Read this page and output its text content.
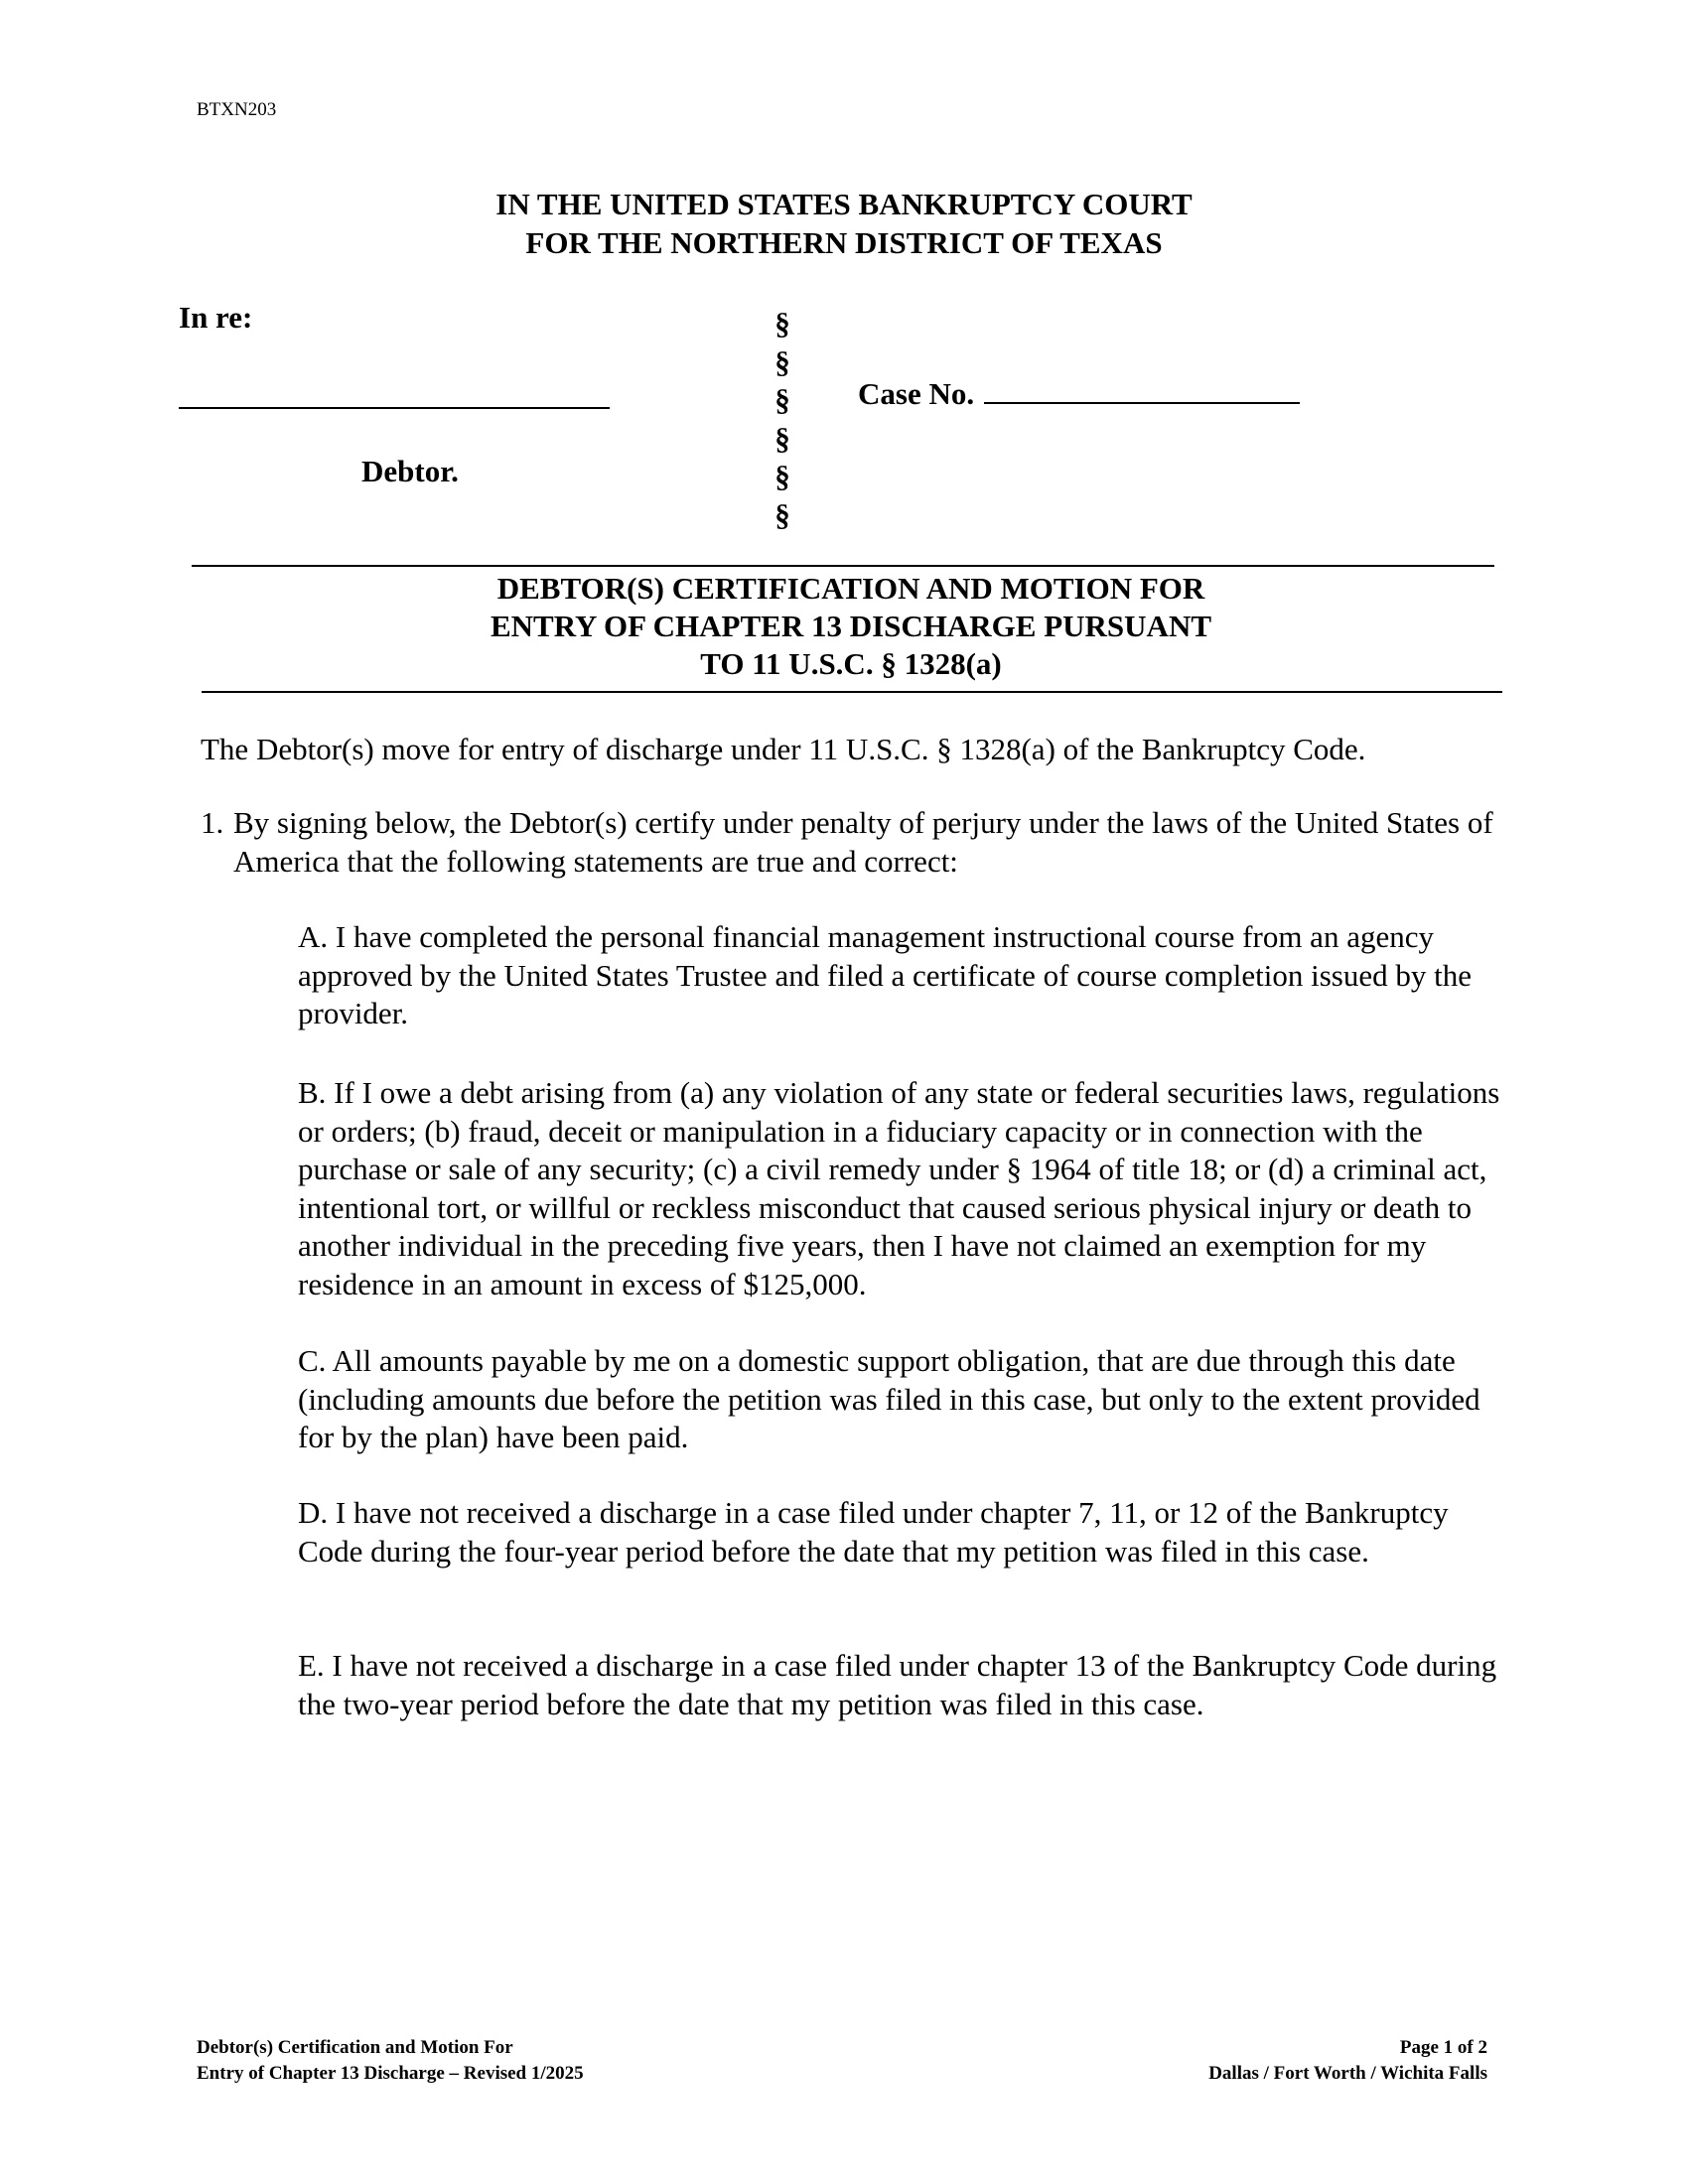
BTXN203
IN THE UNITED STATES BANKRUPTCY COURT
FOR THE NORTHERN DISTRICT OF TEXAS
In re:
Debtor.
§
§
§
§
§
§
Case No.
DEBTOR(S) CERTIFICATION AND MOTION FOR
ENTRY OF CHAPTER 13 DISCHARGE PURSUANT
TO 11 U.S.C. § 1328(a)
The Debtor(s) move for entry of discharge under 11 U.S.C. § 1328(a) of the Bankruptcy Code.
1. By signing below, the Debtor(s) certify under penalty of perjury under the laws of the United States of America that the following statements are true and correct:
A. I have completed the personal financial management instructional course from an agency approved by the United States Trustee and filed a certificate of course completion issued by the provider.
B. If I owe a debt arising from (a) any violation of any state or federal securities laws, regulations or orders; (b) fraud, deceit or manipulation in a fiduciary capacity or in connection with the purchase or sale of any security; (c) a civil remedy under § 1964 of title 18; or (d) a criminal act, intentional tort, or willful or reckless misconduct that caused serious physical injury or death to another individual in the preceding five years, then I have not claimed an exemption for my residence in an amount in excess of $125,000.
C. All amounts payable by me on a domestic support obligation, that are due through this date (including amounts due before the petition was filed in this case, but only to the extent provided for by the plan) have been paid.
D. I have not received a discharge in a case filed under chapter 7, 11, or 12 of the Bankruptcy Code during the four-year period before the date that my petition was filed in this case.
E. I have not received a discharge in a case filed under chapter 13 of the Bankruptcy Code during the two-year period before the date that my petition was filed in this case.
Debtor(s) Certification and Motion For
Entry of Chapter 13 Discharge – Revised 1/2025
Page 1 of 2
Dallas / Fort Worth / Wichita Falls
